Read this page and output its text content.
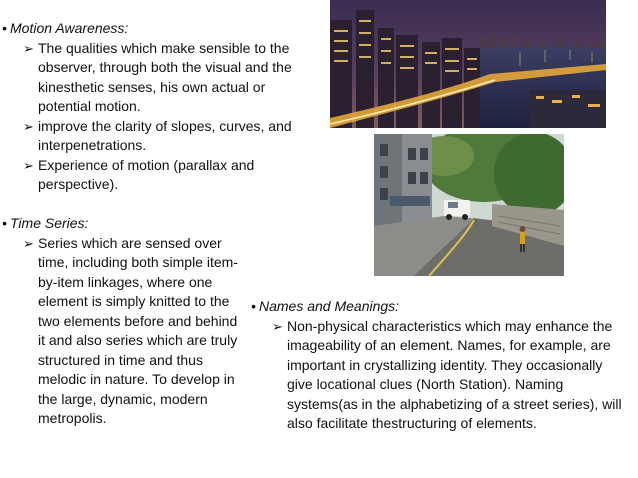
• Motion Awareness:
➢ The qualities which make sensible to the observer, through both the visual and the kinesthetic senses, his own actual or potential motion.
➢ improve the clarity of slopes, curves, and interpenetrations.
➢ Experience of motion (parallax and perspective).
• Time Series:
➢ Series which are sensed over time, including both simple item-by-item linkages, where one element is simply knitted to the two elements before and behind it and also series which are truly structured in time and thus melodic in nature. To develop in the large, dynamic, modern metropolis.
• Names and Meanings:
➢ Non-physical characteristics which may enhance the imageability of an element. Names, for example, are important in crystallizing identity. They occasionally give locational clues (North Station). Naming systems(as in the alphabetizing of a street series), will also facilitate thestructuring of elements.
